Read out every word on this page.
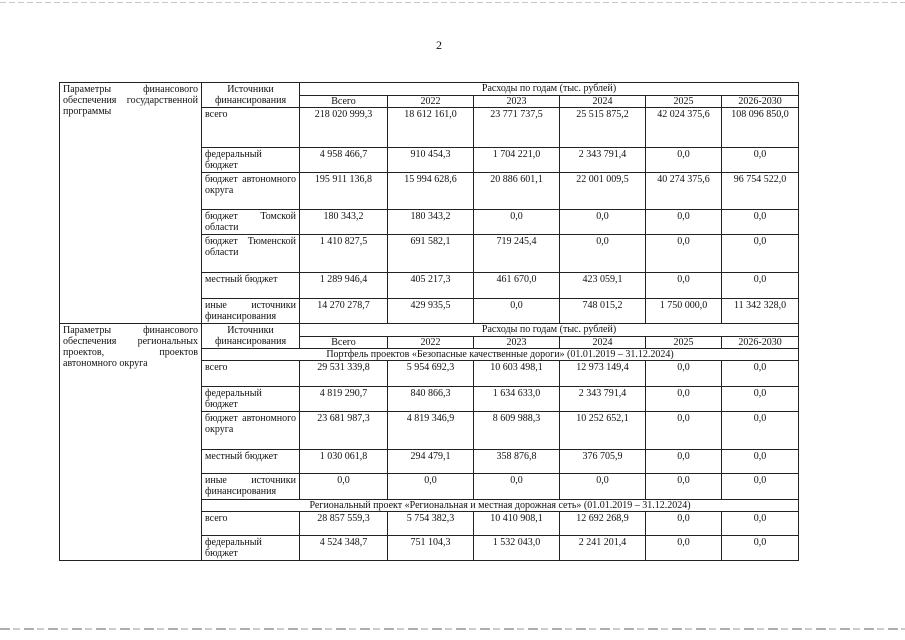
2
Параметры финансового обеспечения государственной программы	Источники финансирования	Расходы по годам (тыс. рублей)					
		Всего	2022	2023	2024	2025	2026-2030
	всего	218 020 999,3	18 612 161,0	23 771 737,5	25 515 875,2	42 024 375,6	108 096 850,0
	федеральный бюджет	4 958 466,7	910 454,3	1 704 221,0	2 343 791,4	0,0	0,0
	бюджет автономного округа	195 911 136,8	15 994 628,6	20 886 601,1	22 001 009,5	40 274 375,6	96 754 522,0
	бюджет Томской области	180 343,2	180 343,2	0,0	0,0	0,0	0,0
	бюджет Тюменской области	1 410 827,5	691 582,1	719 245,4	0,0	0,0	0,0
	местный бюджет	1 289 946,4	405 217,3	461 670,0	423 059,1	0,0	0,0
	иные источники финансирования	14 270 278,7	429 935,5	0,0	748 015,2	1 750 000,0	11 342 328,0
Параметры финансового обеспечения региональных проектов, проектов автономного округа	Источники финансирования	Расходы по годам (тыс. рублей)					
		Всего	2022	2023	2024	2025	2026-2030
	Портфель проектов «Безопасные качественные дороги» (01.01.2019 – 31.12.2024)						
	всего	29 531 339,8	5 954 692,3	10 603 498,1	12 973 149,4	0,0	0,0
	федеральный бюджет	4 819 290,7	840 866,3	1 634 633,0	2 343 791,4	0,0	0,0
	бюджет автономного округа	23 681 987,3	4 819 346,9	8 609 988,3	10 252 652,1	0,0	0,0
	местный бюджет	1 030 061,8	294 479,1	358 876,8	376 705,9	0,0	0,0
	иные источники финансирования	0,0	0,0	0,0	0,0	0,0	0,0
	Региональный проект «Региональная и местная дорожная сеть» (01.01.2019 – 31.12.2024)						
	всего	28 857 559,3	5 754 382,3	10 410 908,1	12 692 268,9	0,0	0,0
	федеральный бюджет	4 524 348,7	751 104,3	1 532 043,0	2 241 201,4	0,0	0,0
